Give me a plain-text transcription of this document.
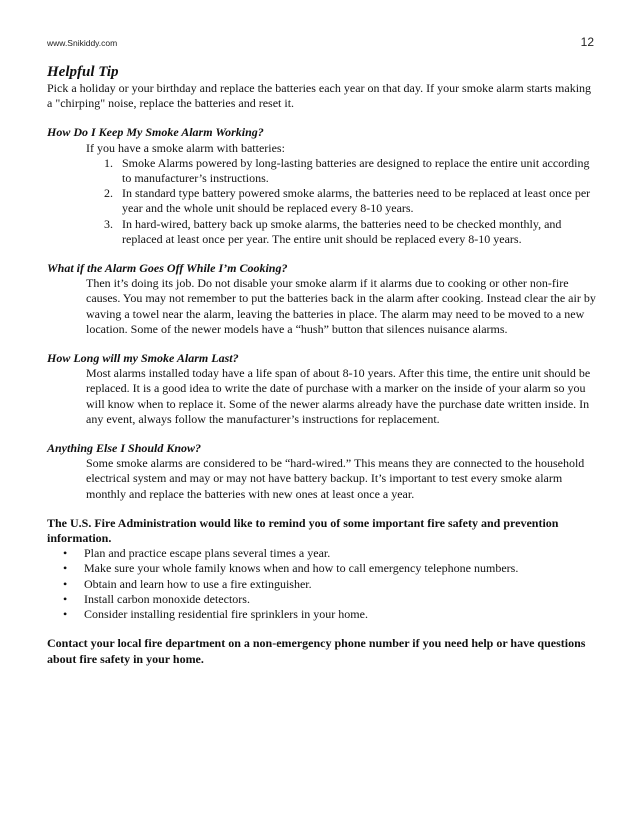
www.Snikiddy.com	12

Helpful Tip

Pick a holiday or your birthday and replace the batteries each year on that day. If your smoke alarm starts making a "chirping" noise, replace the batteries and reset it.

How Do I Keep My Smoke Alarm Working?

If you have a smoke alarm with batteries:

1. Smoke Alarms powered by long-lasting batteries are designed to replace the entire unit according to manufacturer’s instructions.
2. In standard type battery powered smoke alarms, the batteries need to be replaced at least once per year and the whole unit should be replaced every 8-10 years.
3. In hard-wired, battery back up smoke alarms, the batteries need to be checked monthly, and replaced at least once per year. The entire unit should be replaced every 8-10 years.

What if the Alarm Goes Off While I’m Cooking?

Then it’s doing its job. Do not disable your smoke alarm if it alarms due to cooking or other non-fire causes. You may not remember to put the batteries back in the alarm after cooking. Instead clear the air by waving a towel near the alarm, leaving the batteries in place. The alarm may need to be moved to a new location. Some of the newer models have a “hush” button that silences nuisance alarms.

How Long will my Smoke Alarm Last?

Most alarms installed today have a life span of about 8-10 years. After this time, the entire unit should be replaced. It is a good idea to write the date of purchase with a marker on the inside of your alarm so you will know when to replace it. Some of the newer alarms already have the purchase date written inside. In any event, always follow the manufacturer’s instructions for replacement.

Anything Else I Should Know?

Some smoke alarms are considered to be “hard-wired.” This means they are connected to the household electrical system and may or may not have battery backup. It’s important to test every smoke alarm monthly and replace the batteries with new ones at least once a year.

The U.S. Fire Administration would like to remind you of some important fire safety and prevention information.

• Plan and practice escape plans several times a year.
• Make sure your whole family knows when and how to call emergency telephone numbers.
• Obtain and learn how to use a fire extinguisher.
• Install carbon monoxide detectors.
• Consider installing residential fire sprinklers in your home.

Contact your local fire department on a non-emergency phone number if you need help or have questions about fire safety in your home.
